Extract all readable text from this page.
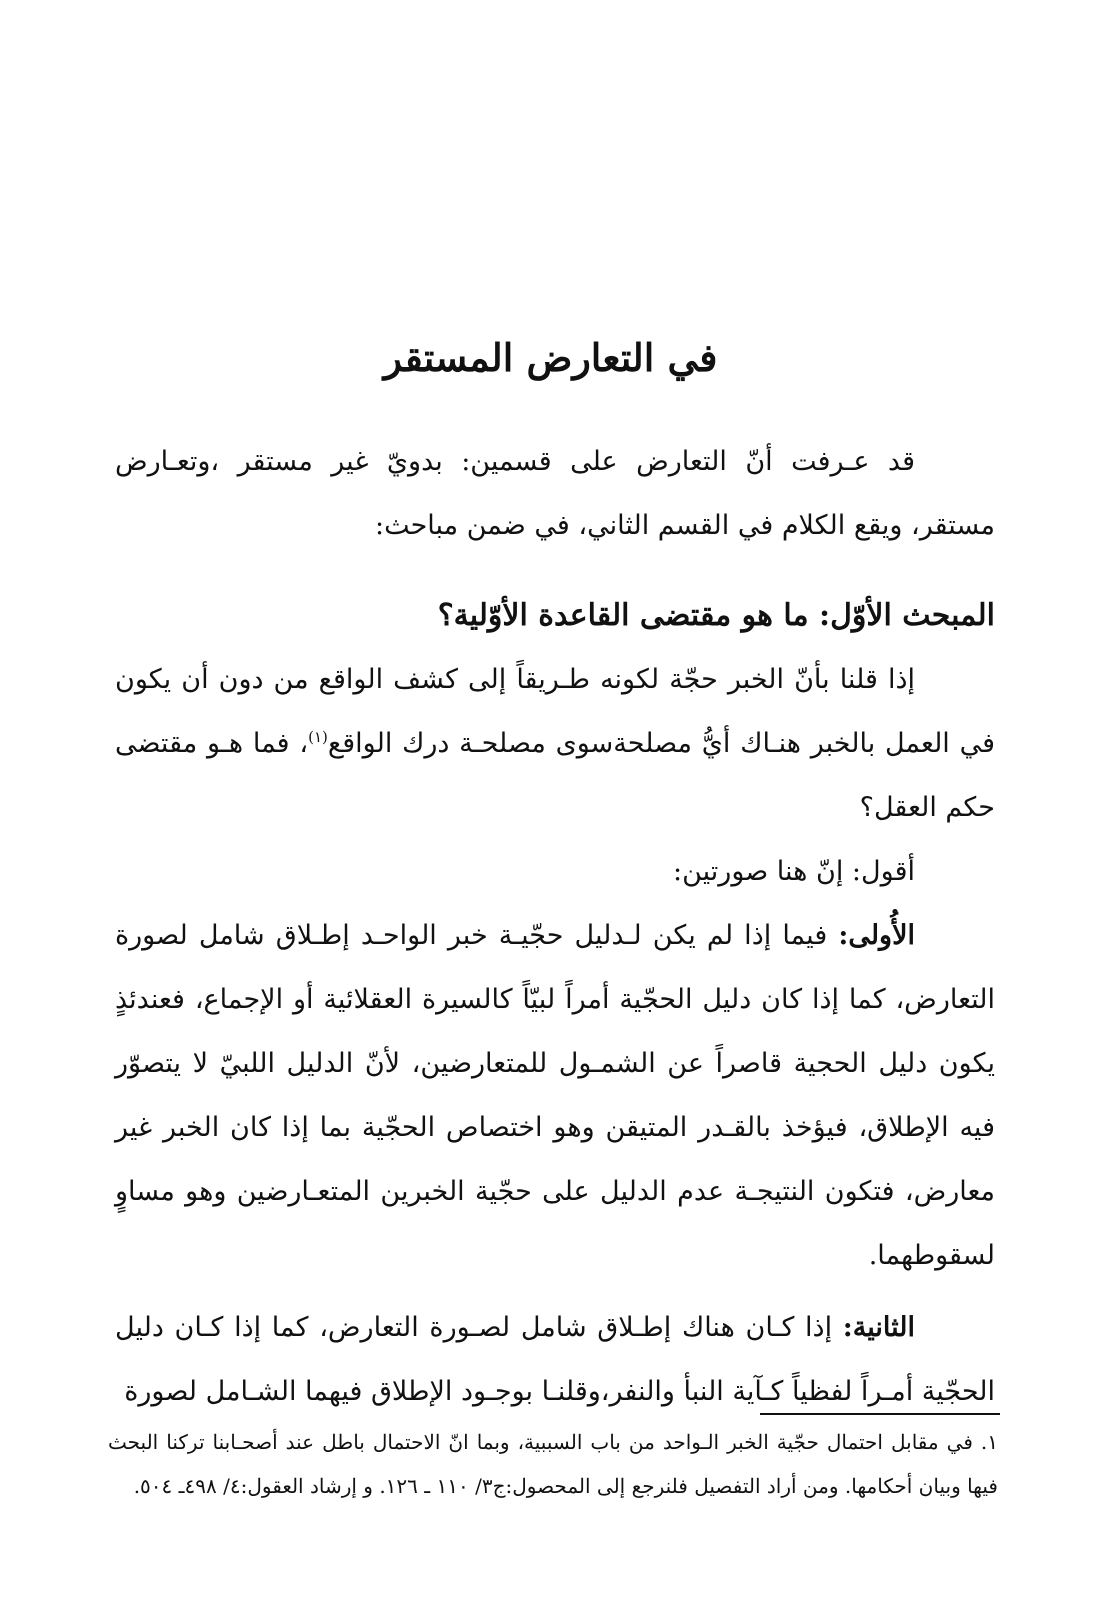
في التعارض المستقر

قد عـرفت أنّ التعارض على قسمين: بدويّ غير مستقر ،وتعـارض مستقر، ويقع الكلام في القسم الثاني، في ضمن مباحث:

المبحث الأوّل: ما هو مقتضى القاعدة الأوّلية؟

إذا قلنا بأنّ الخبر حجّة لكونه طـريقاً إلى كشف الواقع من دون أن يكون في العمل بالخبر هنـاك أيُّ مصلحةسوى مصلحـة درك الواقع$^{(١)}$، فما هـو مقتضى حكم العقل؟

أقول: إنّ هنا صورتين:

الأُولى: فيما إذا لم يكن لـدليل حجّيـة خبر الواحـد إطـلاق شامل لصورة التعارض، كما إذا كان دليل الحجّية أمراً لبيّاً كالسيرة العقلائية أو الإجماع، فعندئذٍ يكون دليل الحجية قاصراً عن الشمـول للمتعارضين، لأنّ الدليل اللبيّ لا يتصوّر فيه الإطلاق، فيؤخذ بالقـدر المتيقن وهو اختصاص الحجّية بما إذا كان الخبر غير معارض، فتكون النتيجـة عدم الدليل على حجّية الخبرين المتعـارضين وهو مساوٍ لسقوطهما.

الثانية: إذا كـان هناك إطـلاق شامل لصـورة التعارض، كما إذا كـان دليل الحجّية أمـراً لفظياً كـآية النبأ والنفر،وقلنـا بوجـود الإطلاق فيهما الشـامل لصورة

١. في مقابل احتمال حجّية الخبر الـواحد من باب السببية، وبما انّ الاحتمال باطل عند أصحـابنا تركنا البحث فيها وبيان أحكامها. ومن أراد التفصيل فلنرجع إلى المحصول:ج٣/ ١١٠ ـ ١٢٦. و إرشاد العقول:٤/ ٤٩٨ـ ٥٠٤.
